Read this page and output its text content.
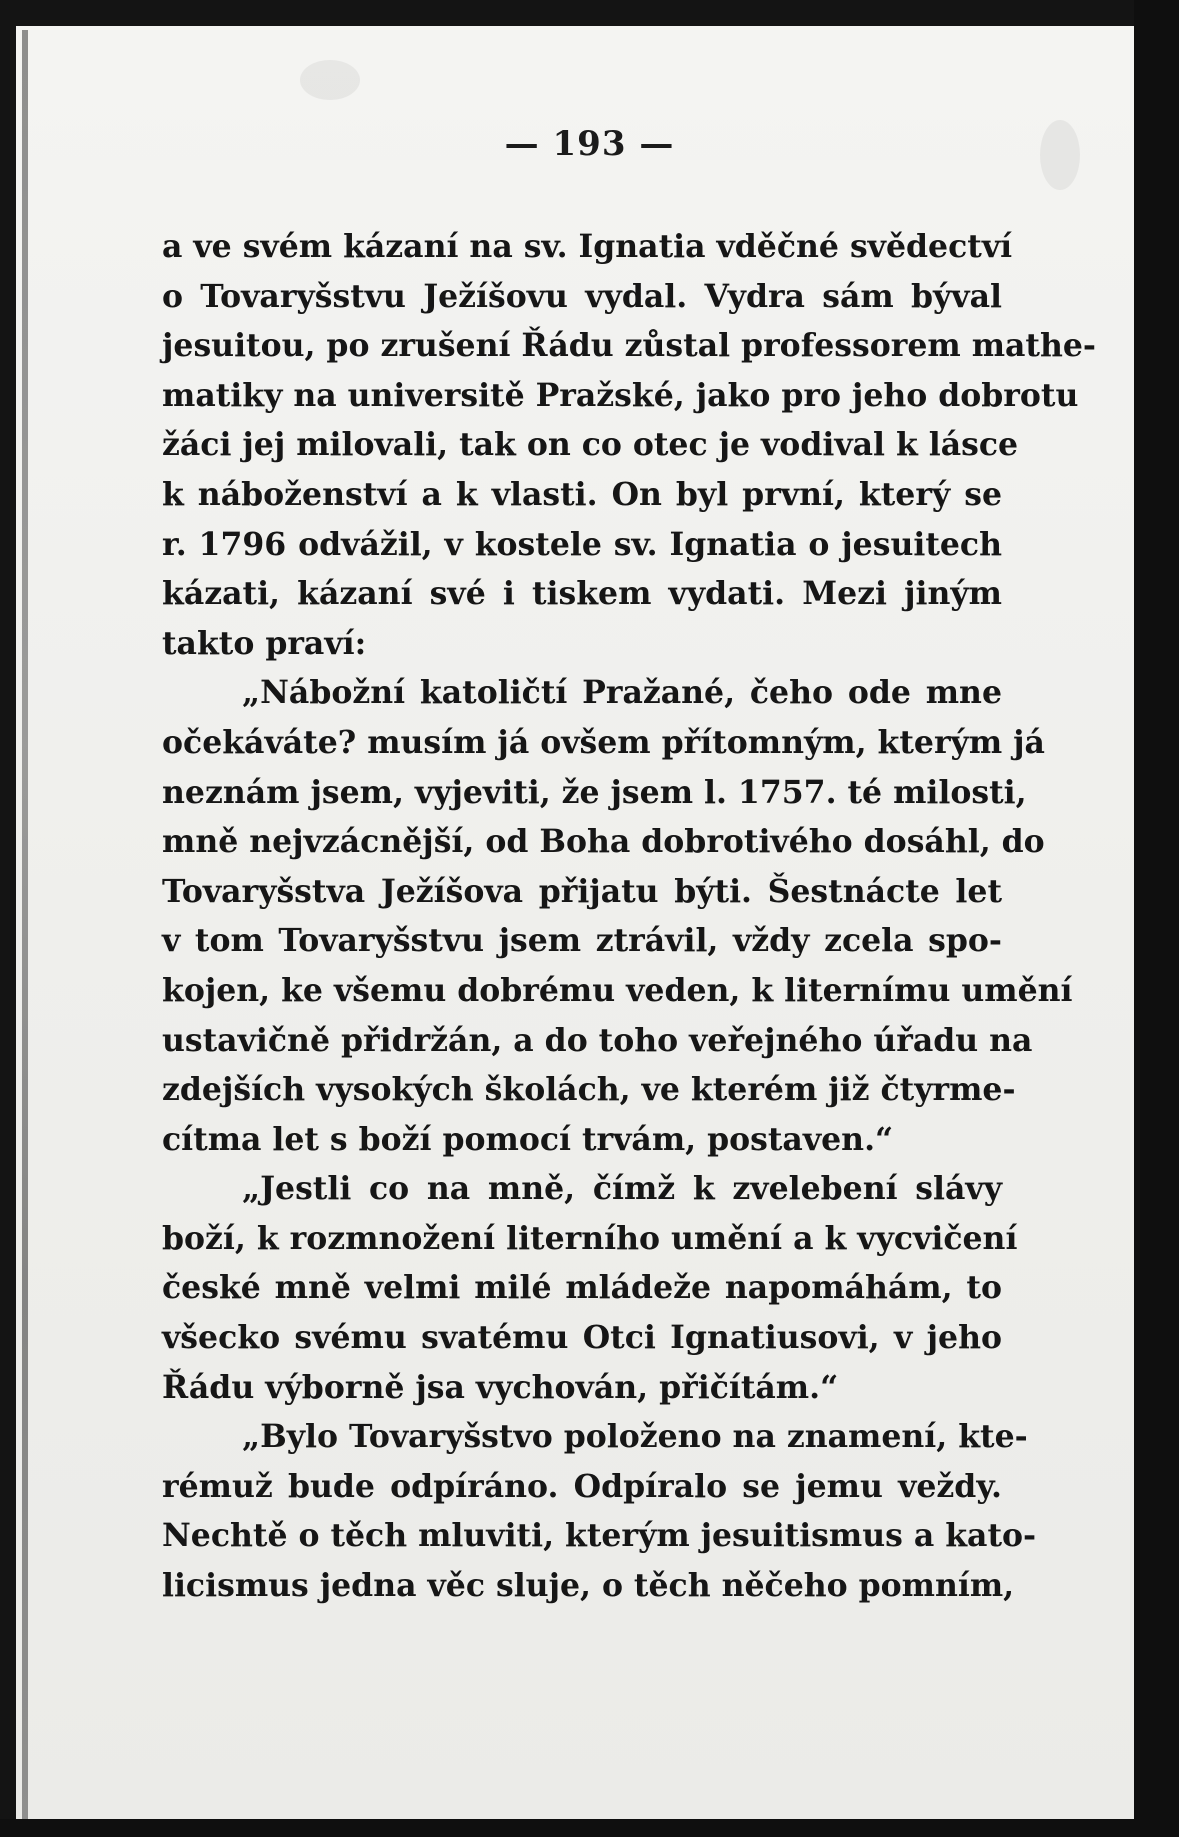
— 193 —
a ve svém kázaní na sv. Ignatia vděčné svědectví
o Tovaryšstvu Ježíšovu vydal. Vydra sám býval
jesuitou, po zrušení Řádu zůstal professorem mathe-
matiky na universitě Pražské, jako pro jeho dobrotu
žáci jej milovali, tak on co otec je vodival k lásce
k náboženství a k vlasti. On byl první, který se
r. 1796 odvážil, v kostele sv. Ignatia o jesuitech
kázati, kázaní své i tiskem vydati. Mezi jiným
takto praví:
„Nábožní katoličtí Pražané, čeho ode mne
očekáváte? musím já ovšem přítomným, kterým já
neznám jsem, vyjeviti, že jsem l. 1757. té milosti,
mně nejvzácnější, od Boha dobrotivého dosáhl, do
Tovaryšstva Ježíšova přijatu býti. Šestnácte let
v tom Tovaryšstvu jsem ztrávil, vždy zcela spo-
kojen, ke všemu dobrému veden, k liternímu umění
ustavičně přidržán, a do toho veřejného úřadu na
zdejších vysokých školách, ve kterém již čtyrme-
cítma let s boží pomocí trvám, postaven.“
„Jestli co na mně, čímž k zvelebení slávy
boží, k rozmnožení literního umění a k vycvičení
české mně velmi milé mládeže napomáhám, to
všecko svému svatému Otci Ignatiusovi, v jeho
Řádu výborně jsa vychován, přičítám.“
„Bylo Tovaryšstvo položeno na znamení, kte-
rémuž bude odpíráno. Odpíralo se jemu veždy.
Nechtě o těch mluviti, kterým jesuitismus a kato-
licismus jedna věc sluje, o těch něčeho pomním,
